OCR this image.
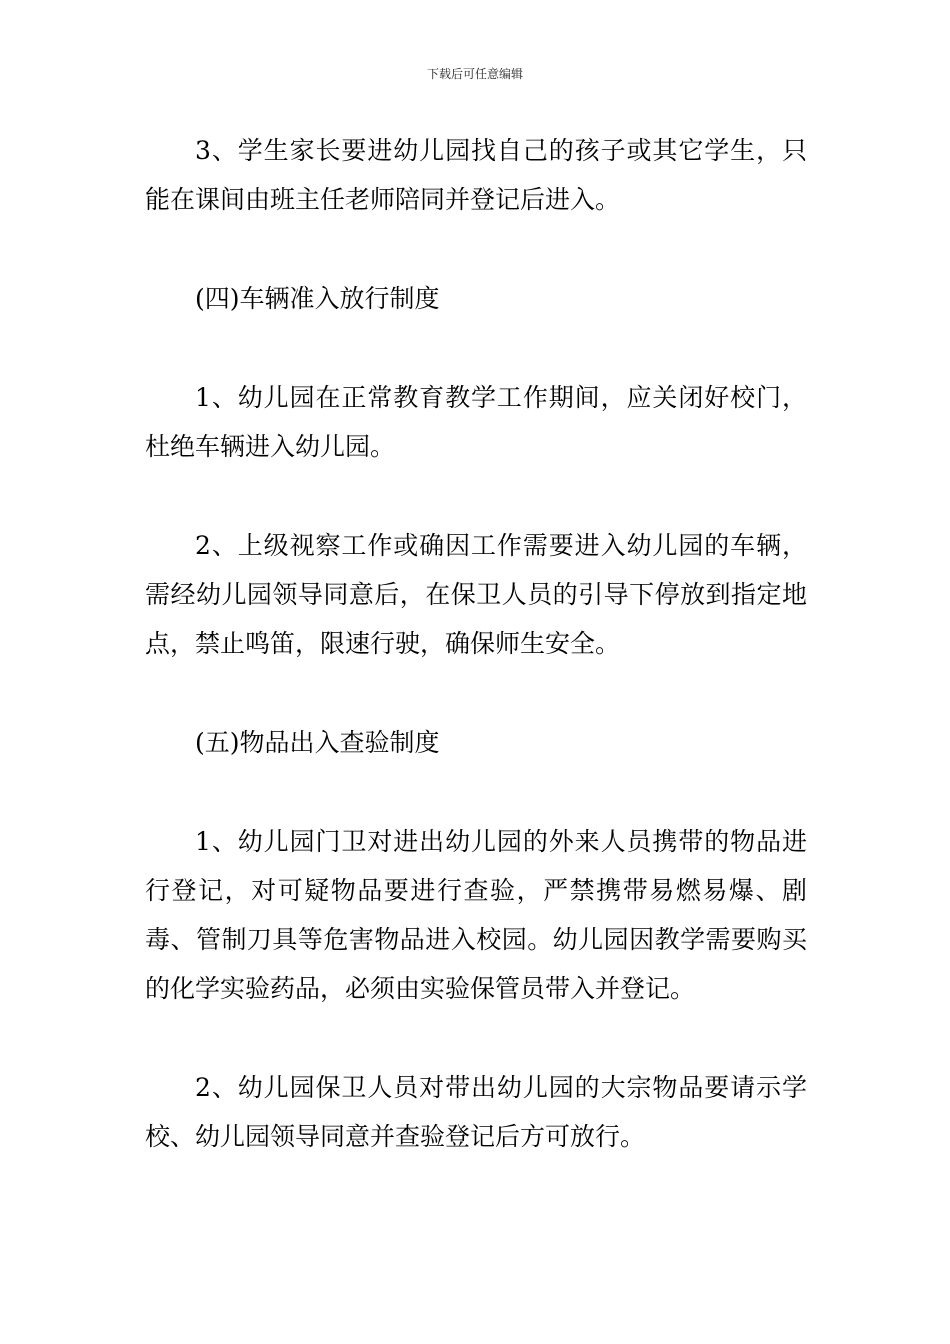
下载后可任意编辑

3、学生家长要进幼儿园找自己的孩子或其它学生，只能在课间由班主任老师陪同并登记后进入。

(四)车辆准入放行制度

1、幼儿园在正常教育教学工作期间，应关闭好校门，杜绝车辆进入幼儿园。

2、上级视察工作或确因工作需要进入幼儿园的车辆，需经幼儿园领导同意后，在保卫人员的引导下停放到指定地点，禁止鸣笛，限速行驶，确保师生安全。

(五)物品出入查验制度

1、幼儿园门卫对进出幼儿园的外来人员携带的物品进行登记，对可疑物品要进行查验，严禁携带易燃易爆、剧毒、管制刀具等危害物品进入校园。幼儿园因教学需要购买的化学实验药品，必须由实验保管员带入并登记。

2、幼儿园保卫人员对带出幼儿园的大宗物品要请示学校、幼儿园领导同意并查验登记后方可放行。
